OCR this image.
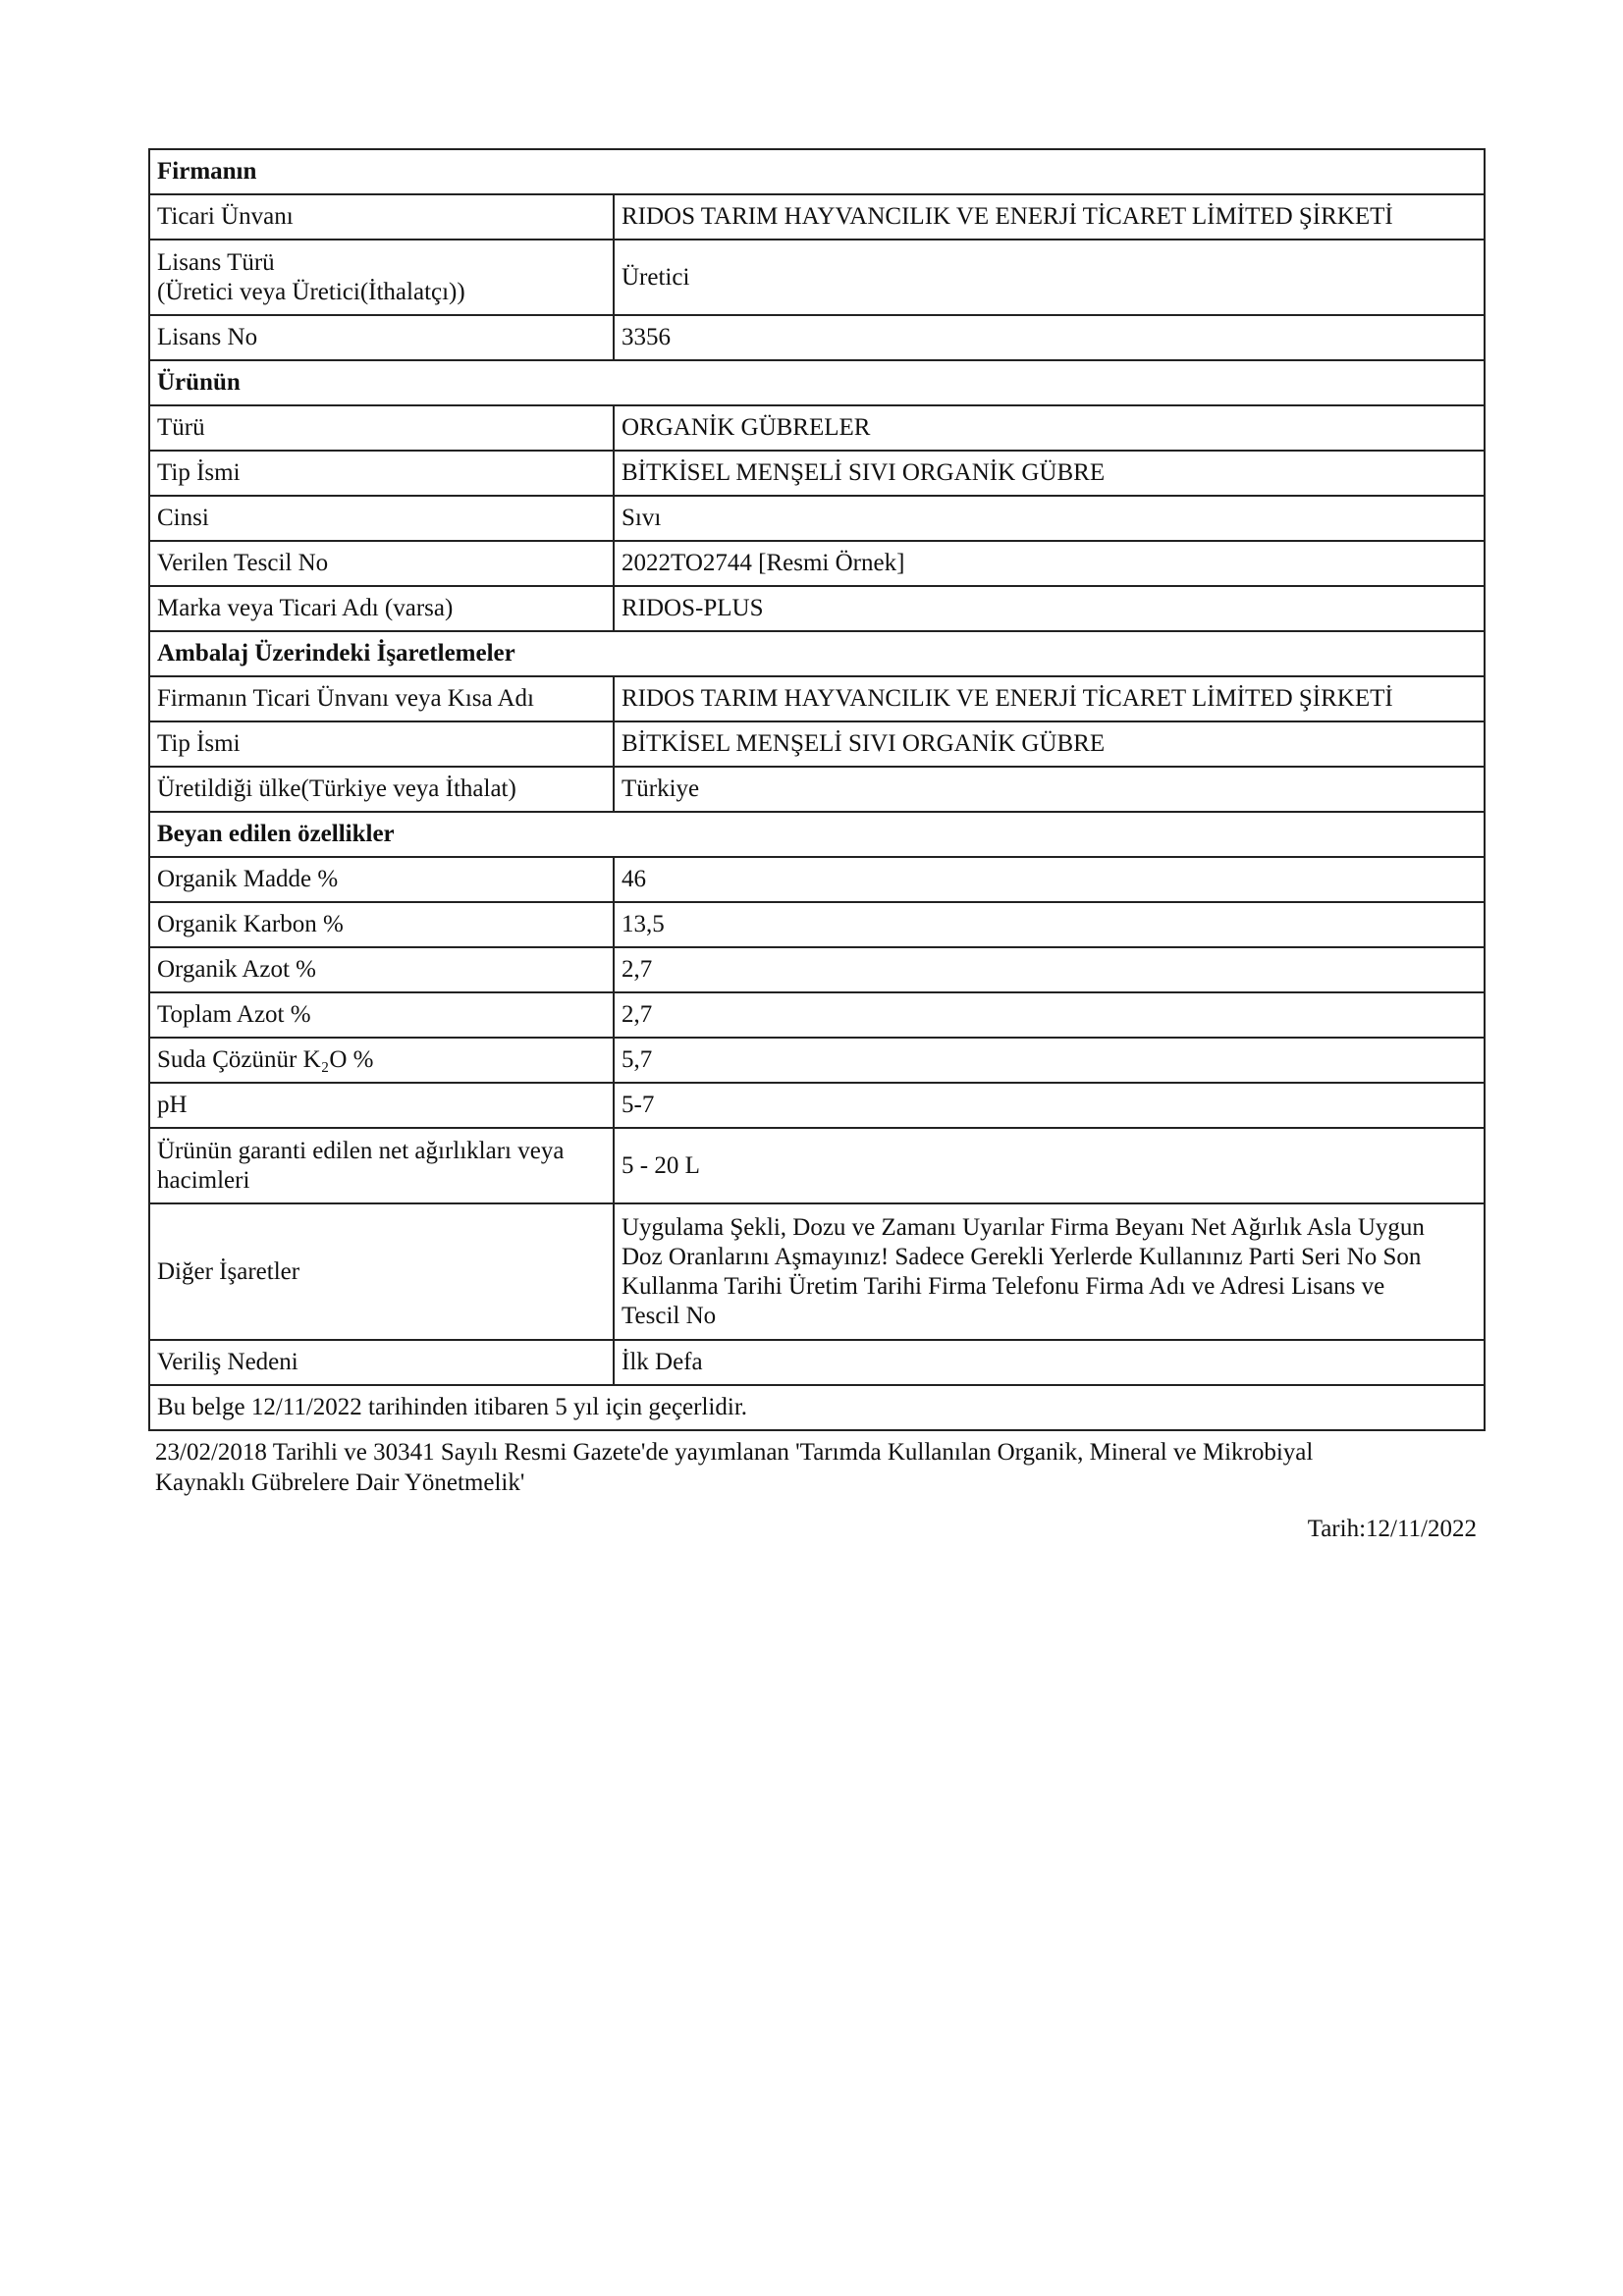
Firmanın	
Ticari Ünvanı	RIDOS TARIM HAYVANCILIK VE ENERJİ TİCARET LİMİTED ŞİRKETİ

Lisans Türü
(Üretici veya Üretici(İthalatçı))	Üretici
Lisans No	3356
Ürünün	
Türü	ORGANİK GÜBRELER
Tip İsmi	BİTKİSEL MENŞELİ SIVI ORGANİK GÜBRE
Cinsi	Sıvı
Verilen Tescil No	2022TO2744 [Resmi Örnek]
Marka veya Ticari Adı (varsa)	RIDOS-PLUS
Ambalaj Üzerindeki İşaretlemeler	
Firmanın Ticari Ünvanı veya Kısa Adı	RIDOS TARIM HAYVANCILIK VE ENERJİ TİCARET LİMİTED ŞİRKETİ
Tip İsmi	BİTKİSEL MENŞELİ SIVI ORGANİK GÜBRE
Üretildiği ülke(Türkiye veya İthalat)	Türkiye
Beyan edilen özellikler	
Organik Madde %	46
Organik Karbon %	13,5
Organik Azot %	2,7
Toplam Azot %	2,7
Suda Çözünür K₂O %	5,7
pH	5-7

Ürünün garanti edilen net ağırlıkları veya
hacimleri	5 - 20 L
Diğer İşaretler	Uygulama Şekli, Dozu ve Zamanı Uyarılar Firma Beyanı Net Ağırlık Asla Uygun
Doz Oranlarını Aşmayınız! Sadece Gerekli Yerlerde Kullanınız Parti Seri No Son
Kullanma Tarihi Üretim Tarihi Firma Telefonu Firma Adı ve Adresi Lisans ve
Tescil No

Veriliş Nedeni	İlk Defa
Bu belge 12/11/2022 tarihinden itibaren 5 yıl için geçerlidir.	
23/02/2018 Tarihli ve 30341 Sayılı Resmi Gazete'de yayımlanan 'Tarımda Kullanılan Organik, Mineral ve Mikrobiyal
Kaynaklı Gübrelere Dair Yönetmelik'
Tarih:12/11/2022
